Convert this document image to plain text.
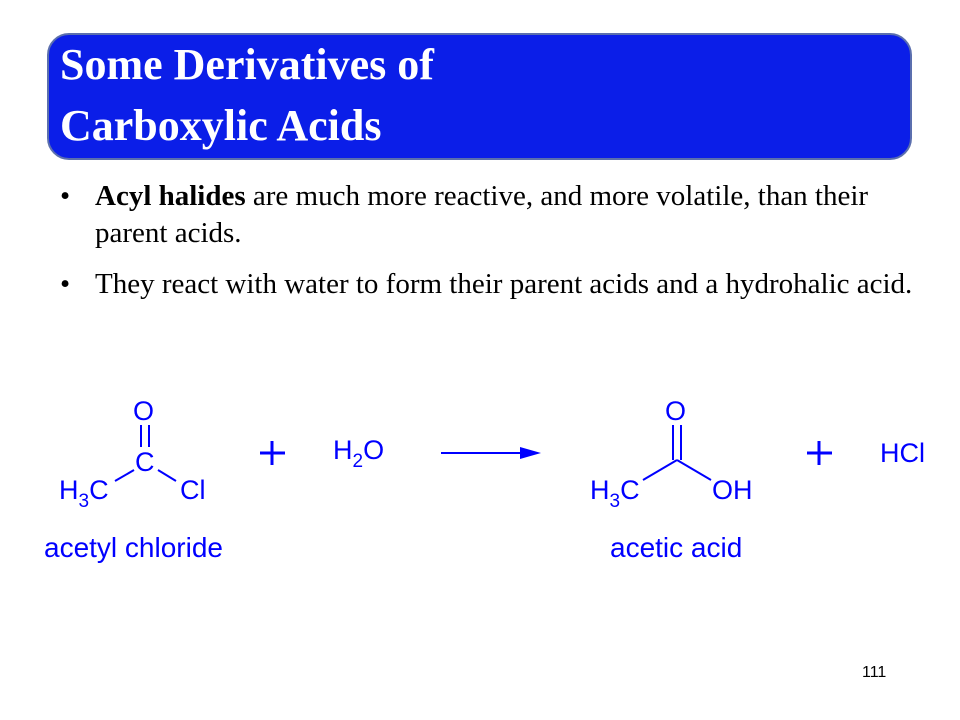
Some Derivatives of
Carboxylic Acids
• Acyl halides are much more reactive, and more volatile, than their parent acids.
• They react with water to form their parent acids and a hydrohalic acid.
O
C
$H_3C$	Cl
acetyl chloride
$H_2O$
O
$H_3C$	OH
acetic acid
HCl
111
